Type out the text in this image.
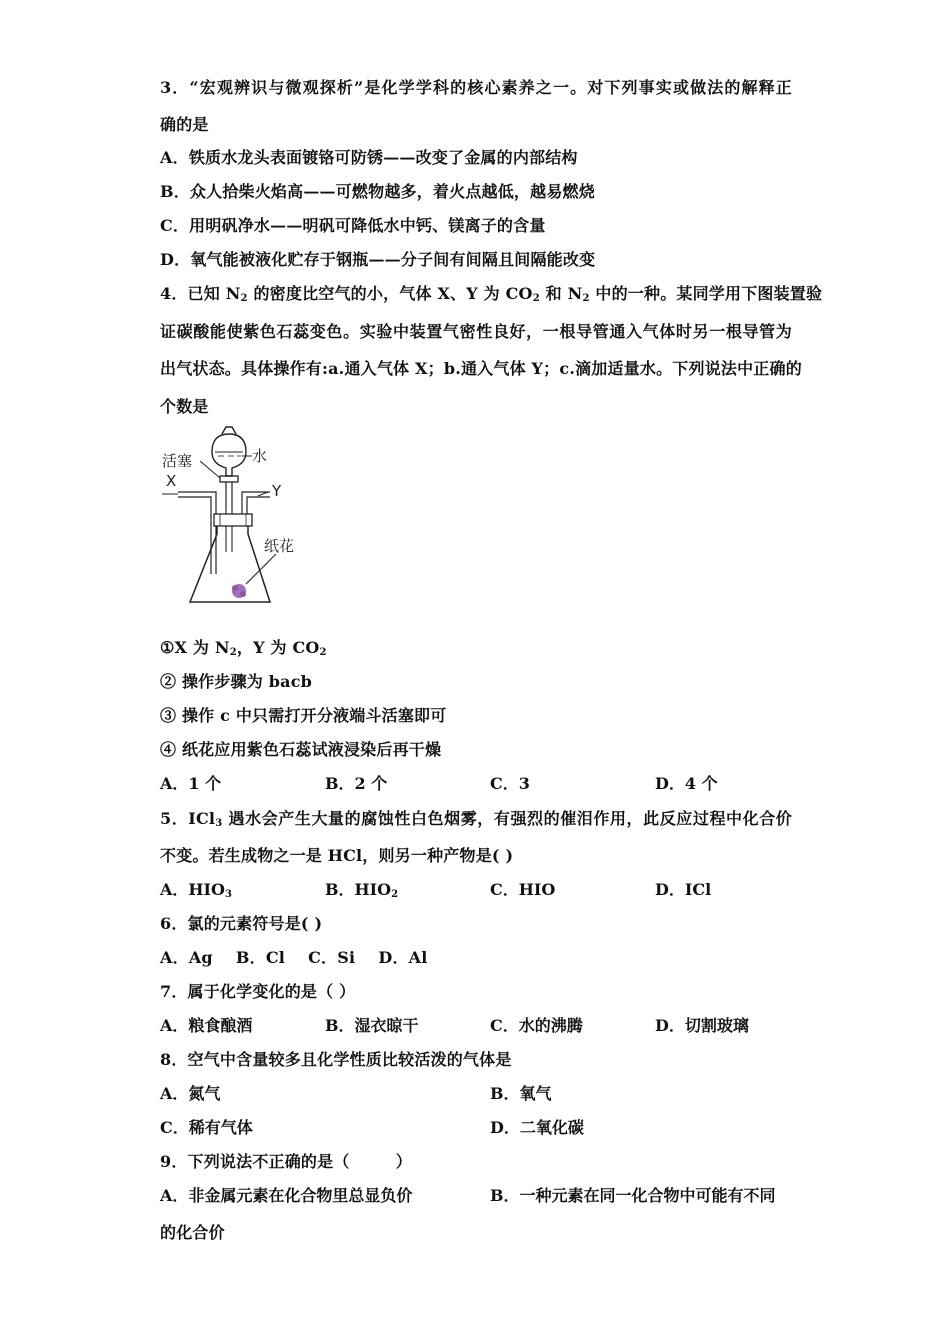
3．“宏观辨识与微观探析”是化学学科的核心素养之一。对下列事实或做法的解释正
确的是
A．铁质水龙头表面镀铬可防锈——改变了金属的内部结构
B．众人拾柴火焰高——可燃物越多，着火点越低，越易燃烧
C．用明矾净水——明矾可降低水中钙、镁离子的含量
D．氧气能被液化贮存于钢瓶——分子间有间隔且间隔能改变
4．已知 $N_2$ 的密度比空气的小，气体 X、Y 为 $CO_2$ 和 $N_2$ 中的一种。某同学用下图装置验
证碳酸能使紫色石蕊变色。实验中装置气密性良好，一根导管通入气体时另一根导管为
出气状态。具体操作有:a.通入气体 X；b.通入气体 Y；c.滴加适量水。下列说法中正确的
个数是
活塞	水
X
Y
纸花
①X 为 $N_2$，Y 为 $CO_2$
② 操作步骤为 bacb
③ 操作 c 中只需打开分液端斗活塞即可
④ 纸花应用紫色石蕊试液浸染后再干燥
A．1 个	B．2 个	C．3	D．4 个
5．ICl$_3$ 遇水会产生大量的腐蚀性白色烟雾，有强烈的催泪作用，此反应过程中化合价
不变。若生成物之一是 HCl，则另一种产物是( )
A．$HIO_3$	B．$HIO_2$	C．HIO	D．ICl
6．氯的元素符号是( )
A．Ag    B．Cl    C．Si    D．Al
7．属于化学变化的是（ ）
A．粮食酿酒	B．湿衣晾干	C．水的沸腾	D．切割玻璃
8．空气中含量较多且化学性质比较活泼的气体是
A．氮气	B．氧气
C．稀有气体	D．二氧化碳
9．下列说法不正确的是（        ）
A．非金属元素在化合物里总显负价	B．一种元素在同一化合物中可能有不同
的化合价
